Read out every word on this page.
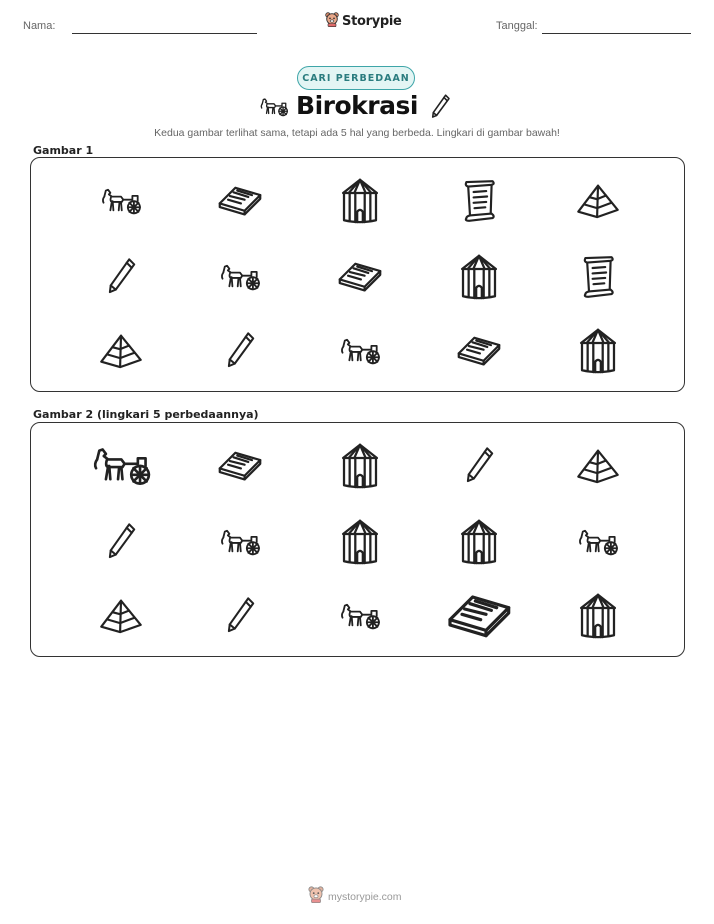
Nama:	Storypie	Tanggal:
CARI PERBEDAAN
Birokrasi
Kedua gambar terlihat sama, tetapi ada 5 hal yang berbeda. Lingkari di gambar bawah!
Gambar 1
Gambar 2 (lingkari 5 perbedaannya)
mystorypie.com
